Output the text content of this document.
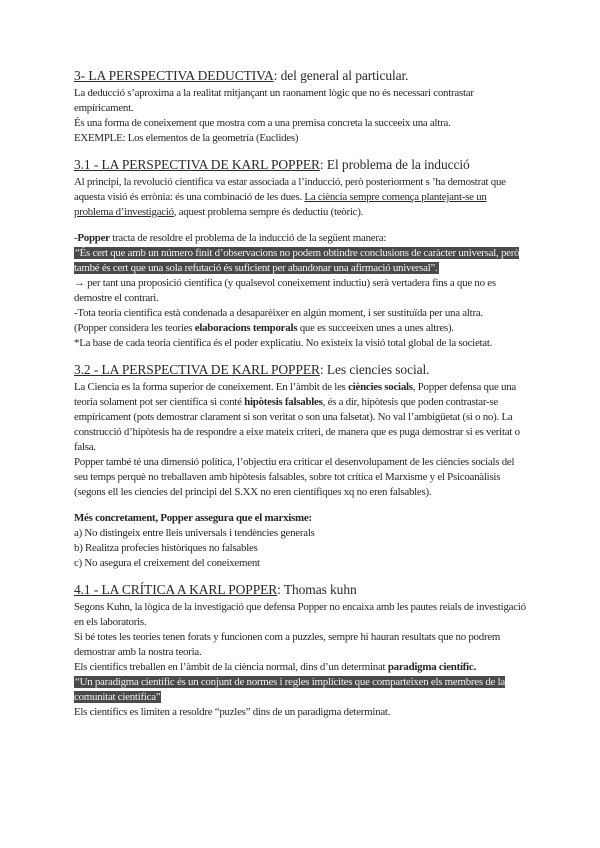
3- LA PERSPECTIVA DEDUCTIVA: del general al particular.

La deducció s’aproxima a la realitat mitjançant un raonament lògic que no és necessari contrastar empíricament.

És una forma de coneixement que mostra com a una premisa concreta la succeeix una altra.

EXEMPLE: Los elementos de la geometría (Euclides)

3.1 - LA PERSPECTIVA DE KARL POPPER: El problema de la inducció

Al principi, la revolució científica va estar associada a l’inducció, però posteriorment s ’ha demostrat que aquesta visió és errònia: és una combinació de les dues. La ciència sempre comença plantejant-se un problema d’investigació, aquest problema sempre és deductiu (teòric).

-Popper tracta de resoldre el problema de la inducció de la següent manera:

“És cert que amb un número finit d’observacions no podem obtindre conclusions de caràcter universal, però també és cert que una sola refutació és suficient per abandonar una afirmació universal”.

→ per tant una proposició científica (y qualsevol coneixement inductiu) serà vertadera fins a que no es demostre el contrari.

-Tota teoria científica està condenada a desaparèixer en algún moment, i ser sustituïda per una altra.

(Popper considera les teories elaboracions temporals que es succeeixen unes a unes altres).

*La base de cada teoria científica és el poder explicatiu. No existeix la visió total global de la societat.

3.2 - LA PERSPECTIVA DE KARL POPPER: Les ciencies social.

La Ciencia es la forma superior de coneixement. En l’àmbit de les ciències socials, Popper defensa que una teoria solament pot ser científica si conté hipòtesis falsables, és a dir, hipòtesis que poden contrastar-se empíricament (pots demostrar clarament si son veritat o son una falsetat). No val l’ambigüetat (si o no). La construcció d’hipòtesis ha de respondre a eixe mateix criteri, de manera que es puga demostrar si es veritat o falsa.

Popper també té una dimensió política, l’objectiu era criticar el desenvolupament de les ciències socials del seu temps perquè no treballaven amb hipòtesis falsables, sobre tot crítica el Marxisme y el Psicoanàlisis (segons ell les ciencies del principi del S.XX no eren científiques xq no eren falsables).

Més concretament, Popper assegura que el marxisme:

a) No distingeix entre lleis universals i tendències generals

b) Realitza profecies històriques no falsables

c) No asegura el creixement del coneixement

4.1 - LA CRÍTICA A KARL POPPER: Thomas kuhn

Segons Kuhn, la lògica de la investigació que defensa Popper no encaixa amb les pautes reials de investigació en els laboratoris.

Si bé totes les teories tenen forats y funcionen com a puzzles, sempre hi hauran resultats que no podrem demostrar amb la nostra teoria.

Els científics treballen en l’àmbit de la ciència normal, dins d’un determinat paradigma científic.

“Un paradigma científic és un conjunt de normes i regles implícites que comparteixen els membres de la comunitat científica”

Els científics es limiten a resoldre “puzles” dins de un paradigma determinat.
